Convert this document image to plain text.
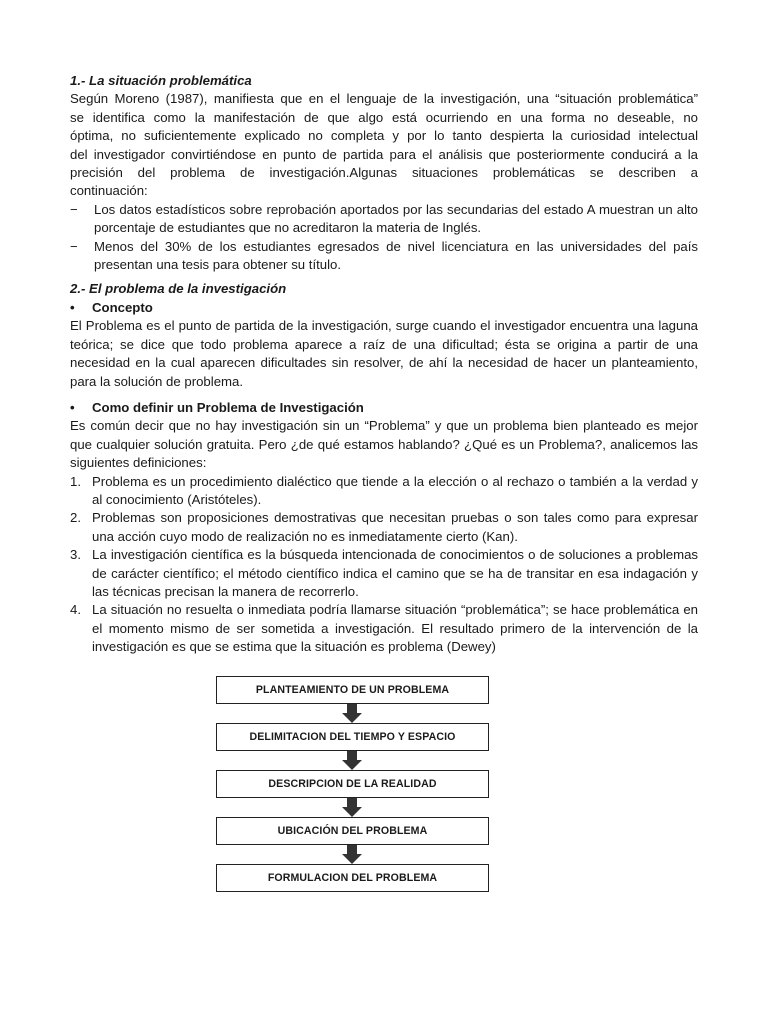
1.- La situación problemática

Según Moreno (1987), manifiesta que en el lenguaje de la investigación, una “situación problemática”

se identifica como la manifestación de que algo está ocurriendo en una forma no deseable, no

óptima, no suficientemente explicado no completa y por lo tanto despierta la curiosidad intelectual

del investigador convirtiéndose en punto de partida para el análisis que posteriormente conducirá a la

precisión del problema de investigación.Algunas situaciones problemáticas se describen a

continuación:

−	Los datos estadísticos sobre reprobación aportados por las secundarias del estado A muestran un alto porcentaje de estudiantes que no acreditaron la materia de Inglés.
−	Menos del 30% de los estudiantes egresados de nivel licenciatura en las universidades del país presentan una tesis para obtener su título.
2.- El problema de la investigación
•	Concepto

El Problema es el punto de partida de la investigación, surge cuando el investigador encuentra una laguna teórica; se dice que todo problema aparece a raíz de una dificultad; ésta se origina a partir de una necesidad en la cual aparecen dificultades sin resolver, de ahí la necesidad de hacer un planteamiento, para la solución de problema.

•	Como definir un Problema de Investigación

Es común decir que no hay investigación sin un “Problema” y que un problema bien planteado es mejor que cualquier solución gratuita. Pero ¿de qué estamos hablando? ¿Qué es un Problema?, analicemos las siguientes definiciones:

1. Problema es un procedimiento dialéctico que tiende a la elección o al rechazo o también a la verdad y al conocimiento (Aristóteles).
2. Problemas son proposiciones demostrativas que necesitan pruebas o son tales como para expresar una acción cuyo modo de realización no es inmediatamente cierto (Kan).
3. La investigación científica es la búsqueda intencionada de conocimientos o de soluciones a problemas de carácter científico; el método científico indica el camino que se ha de transitar en esa indagación y las técnicas precisan la manera de recorrerlo.
4. La situación no resuelta o inmediata podría llamarse situación “problemática”; se hace problemática en el momento mismo de ser sometida a investigación. El resultado primero de la intervención de la investigación es que se estima que la situación es problema (Dewey)
PLANTEAMIENTO DE UN PROBLEMA
DELIMITACION DEL TIEMPO Y ESPACIO
DESCRIPCION DE LA REALIDAD
UBICACIÓN DEL PROBLEMA
FORMULACION DEL PROBLEMA
